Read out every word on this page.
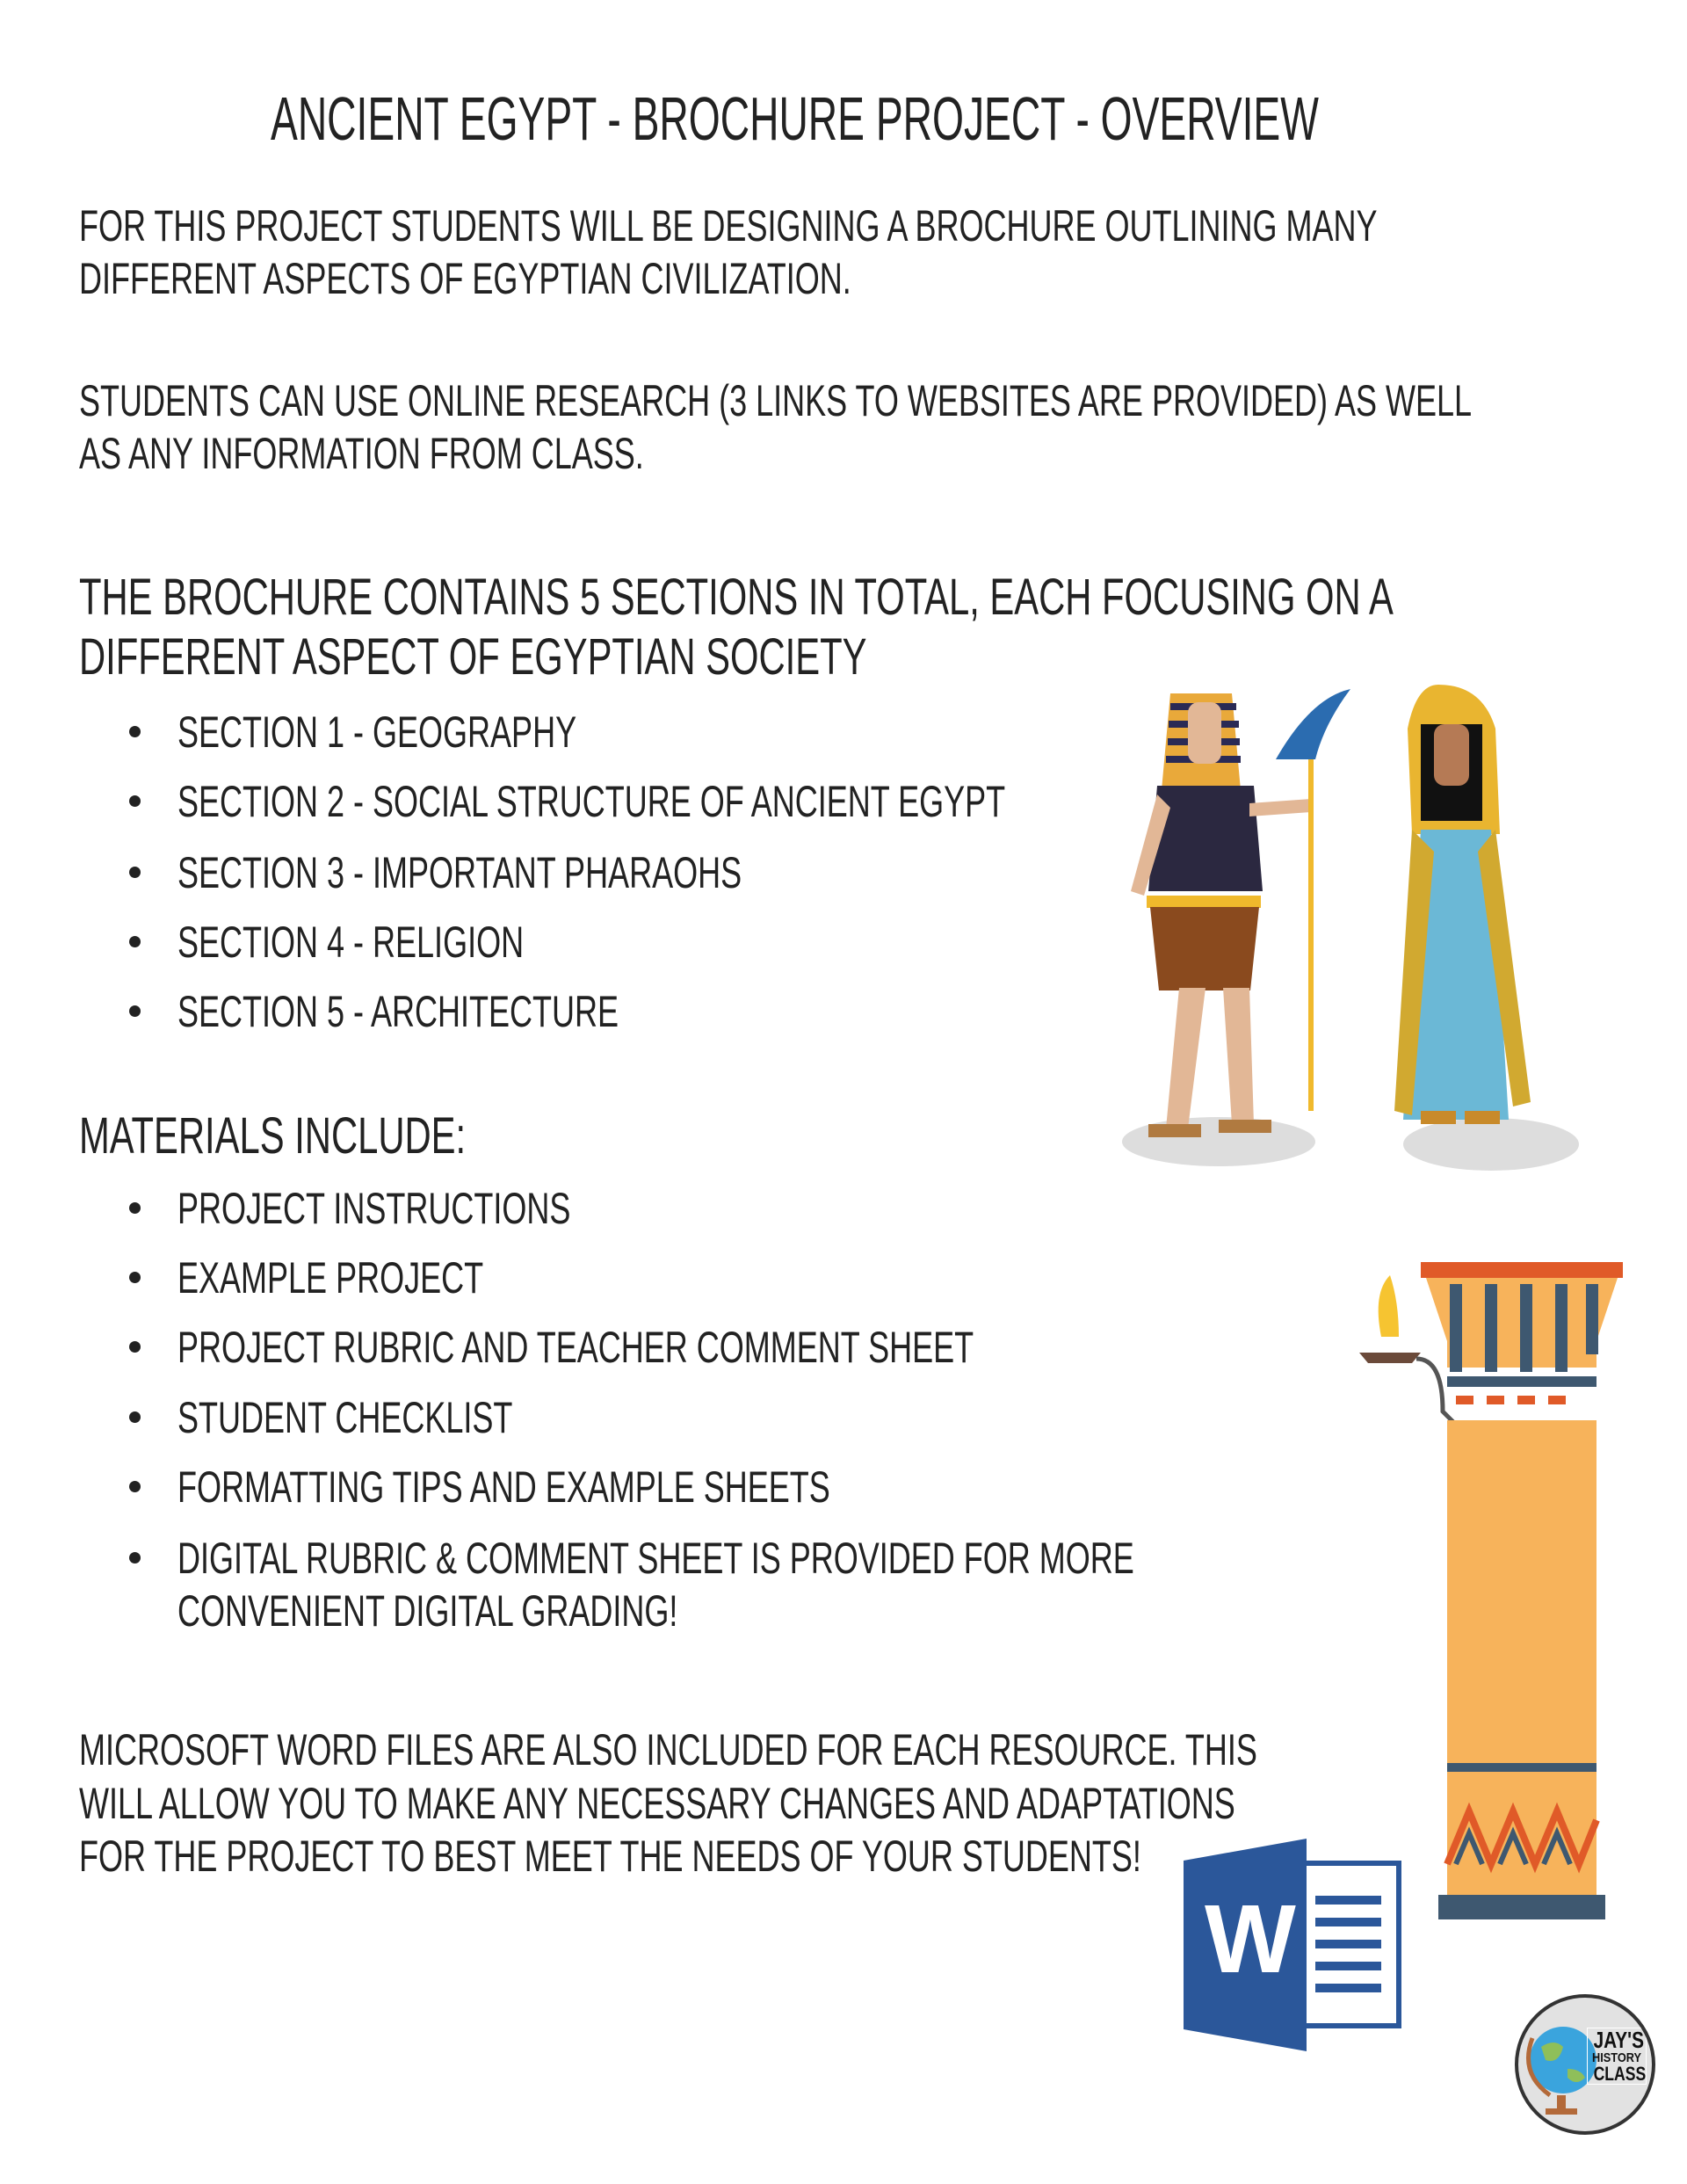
ANCIENT EGYPT - BROCHURE PROJECT - OVERVIEW
FOR THIS PROJECT STUDENTS WILL BE DESIGNING A BROCHURE OUTLINING MANY
DIFFERENT ASPECTS OF EGYPTIAN CIVILIZATION.
STUDENTS CAN USE ONLINE RESEARCH (3 LINKS TO WEBSITES ARE PROVIDED) AS WELL
AS ANY INFORMATION FROM CLASS.
THE BROCHURE CONTAINS 5 SECTIONS IN TOTAL, EACH FOCUSING ON A
DIFFERENT ASPECT OF EGYPTIAN SOCIETY
SECTION 1 - GEOGRAPHY
SECTION 2 - SOCIAL STRUCTURE OF ANCIENT EGYPT
SECTION 3 - IMPORTANT PHARAOHS
SECTION 4 - RELIGION
SECTION 5 - ARCHITECTURE
MATERIALS INCLUDE:
PROJECT INSTRUCTIONS
EXAMPLE PROJECT
PROJECT RUBRIC AND TEACHER COMMENT SHEET
STUDENT CHECKLIST
FORMATTING TIPS AND EXAMPLE SHEETS
DIGITAL RUBRIC & COMMENT SHEET IS PROVIDED FOR MORE
CONVENIENT DIGITAL GRADING!
MICROSOFT WORD FILES ARE ALSO INCLUDED FOR EACH RESOURCE. THIS
WILL ALLOW YOU TO MAKE ANY NECESSARY CHANGES AND ADAPTATIONS
FOR THE PROJECT TO BEST MEET THE NEEDS OF YOUR STUDENTS!
W
JAY'S
HISTORY
CLASS
